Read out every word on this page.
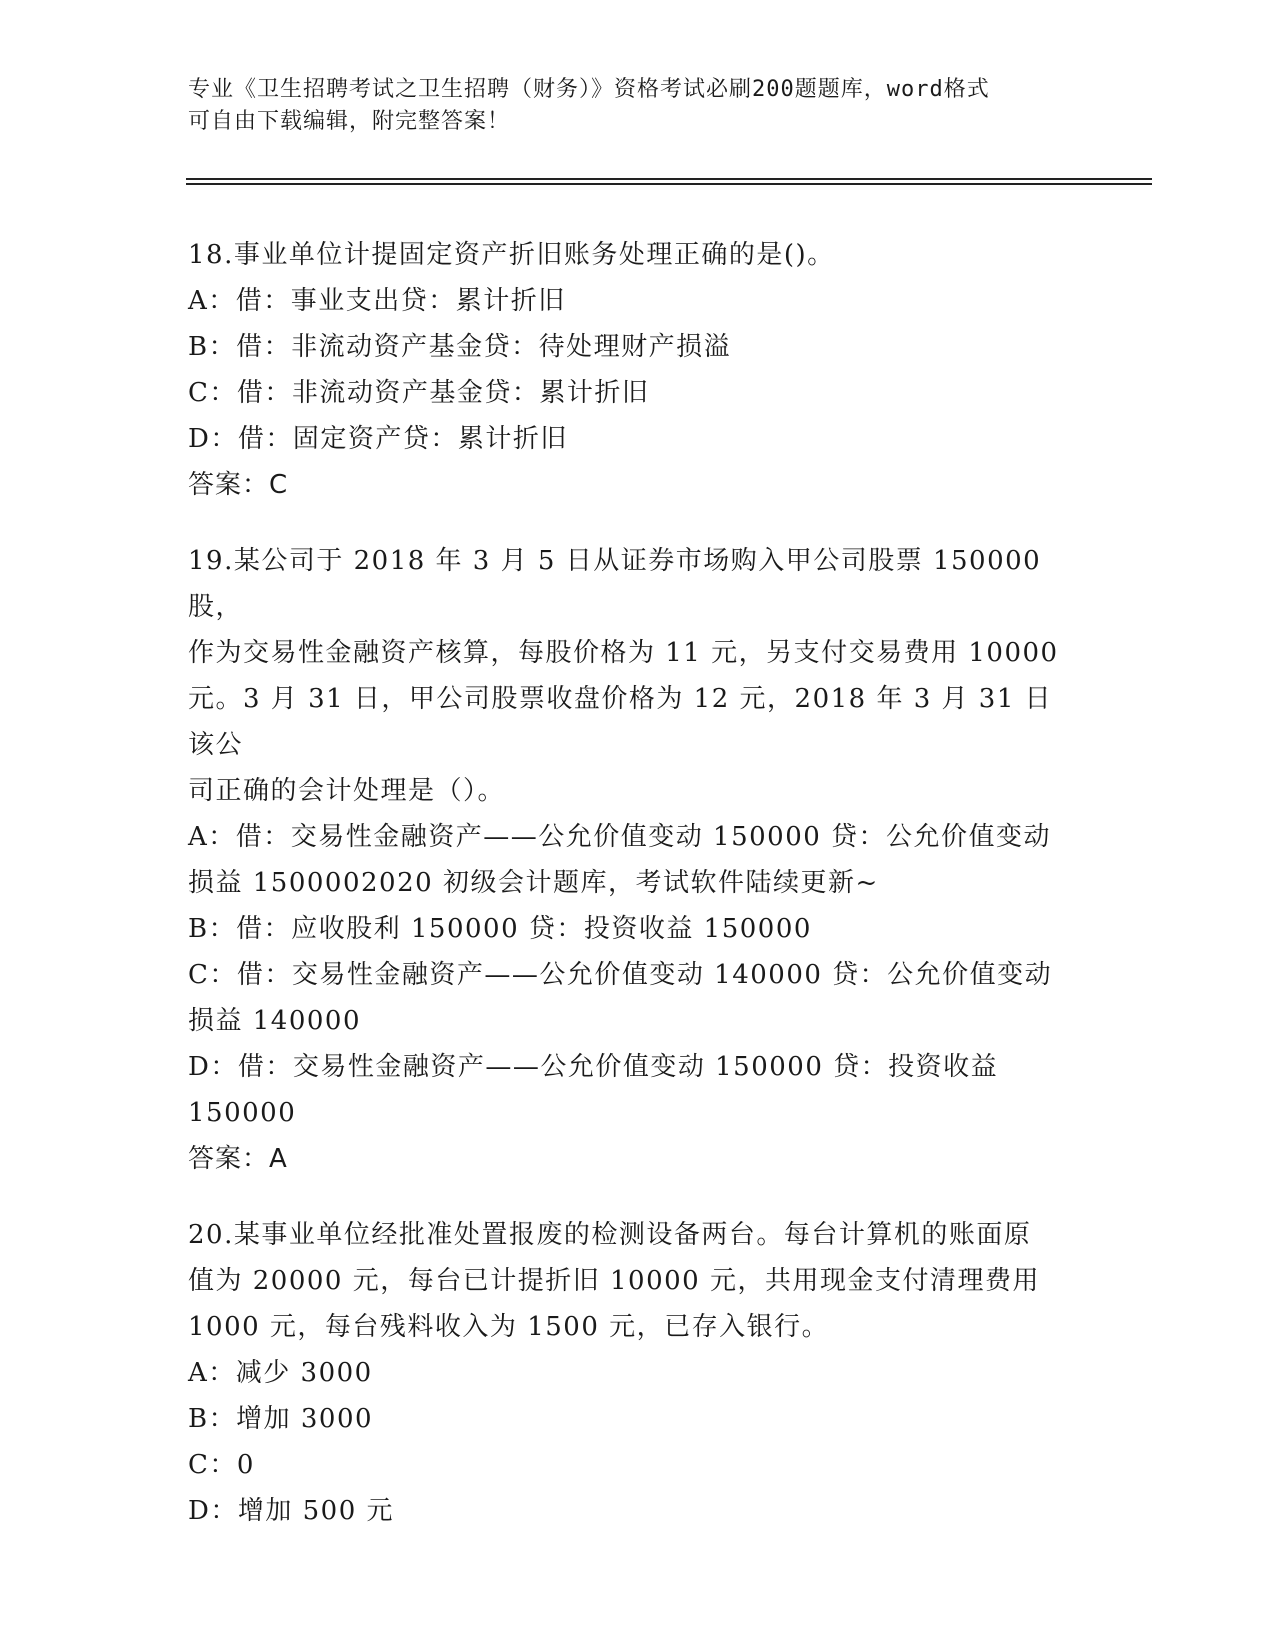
专业《卫生招聘考试之卫生招聘（财务）》资格考试必刷200题题库，word格式
可自由下载编辑，附完整答案！
18.事业单位计提固定资产折旧账务处理正确的是()。
A：借：事业支出贷：累计折旧
B：借：非流动资产基金贷：待处理财产损溢
C：借：非流动资产基金贷：累计折旧
D：借：固定资产贷：累计折旧
答案：C
19.某公司于 2018 年 3 月 5 日从证券市场购入甲公司股票 150000 股，
作为交易性金融资产核算，每股价格为 11 元，另支付交易费用 10000
元。3 月 31 日，甲公司股票收盘价格为 12 元，2018 年 3 月 31 日该公
司正确的会计处理是（）。
A：借：交易性金融资产——公允价值变动 150000 贷：公允价值变动
损益 1500002020 初级会计题库，考试软件陆续更新~
B：借：应收股利 150000 贷：投资收益 150000
C：借：交易性金融资产——公允价值变动 140000 贷：公允价值变动
损益 140000
D：借：交易性金融资产——公允价值变动 150000 贷：投资收益
150000
答案：A
20.某事业单位经批准处置报废的检测设备两台。每台计算机的账面原
值为 20000 元，每台已计提折旧 10000 元，共用现金支付清理费用
1000 元，每台残料收入为 1500 元，已存入银行。
A：减少 3000
B：增加 3000
C：0
D：增加 500 元
